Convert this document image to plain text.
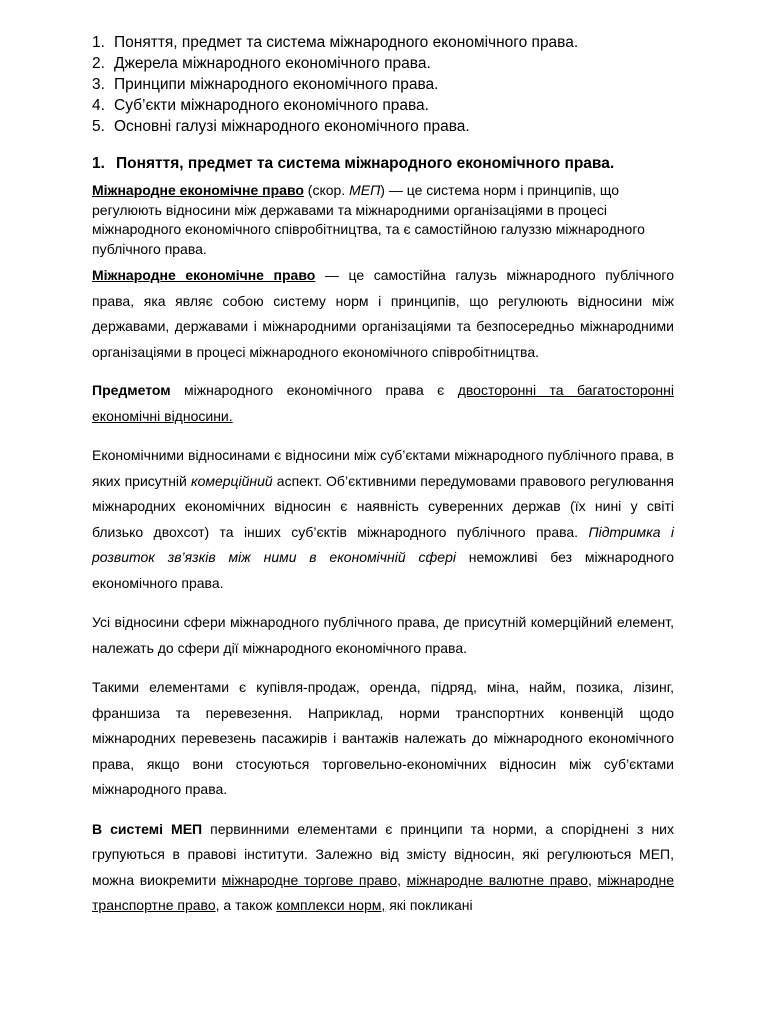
1. Поняття, предмет та система міжнародного економічного права.
2. Джерела міжнародного економічного права.
3. Принципи міжнародного економічного права.
4. Суб’єкти міжнародного економічного права.
5. Основні галузі міжнародного економічного права.
1. Поняття, предмет та система міжнародного економічного права.

Міжнародне економічне право (скор. МЕП) — це система норм і принципів, що регулюють відносини між державами та міжнародними організаціями в процесі міжнародного економічного співробітництва, та є самостійною галуззю міжнародного публічного права.

Міжнародне економічне право — це самостійна галузь міжнародного публічного права, яка являє собою систему норм і принципів, що регулюють відносини між державами, державами і міжнародними організаціями та безпосередньо міжнародними організаціями в процесі міжнародного економічного співробітництва.

Предметом міжнародного економічного права є двосторонні та багатосторонні економічні відносини.

Економічними відносинами є відносини між суб’єктами міжнародного публічного права, в яких присутній комерційний аспект. Об’єктивними передумовами правового регулювання міжнародних економічних відносин є наявність суверенних держав (їх нині у світі близько двохсот) та інших суб’єктів міжнародного публічного права. Підтримка і розвиток зв’язків між ними в економічній сфері неможливі без міжнародного економічного права.

Усі відносини сфери міжнародного публічного права, де присутній комерційний елемент, належать до сфери дії міжнародного економічного права.

Такими елементами є купівля-продаж, оренда, підряд, міна, найм, позика, лізинг, франшиза та перевезення. Наприклад, норми транспортних конвенцій щодо міжнародних перевезень пасажирів і вантажів належать до міжнародного економічного права, якщо вони стосуються торговельно-економічних відносин між суб’єктами міжнародного права.

В системі МЕП первинними елементами є принципи та норми, а споріднені з них групуються в правові інститути. Залежно від змісту відносин, які регулюються МЕП, можна виокремити міжнародне торгове право, міжнародне валютне право, міжнародне транспортне право, а також комплекси норм, які покликані
